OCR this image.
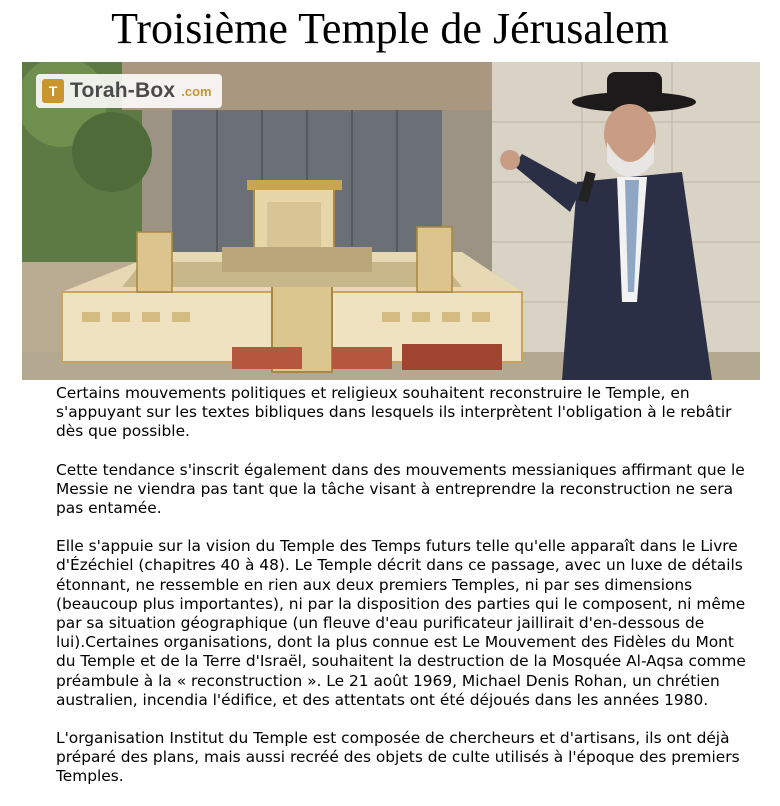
Troisième Temple de Jérusalem
T Torah-Box .com

Certains mouvements politiques et religieux souhaitent reconstruire le Temple, en s'appuyant sur les textes bibliques dans lesquels ils interprètent l'obligation à le rebâtir dès que possible.

Cette tendance s'inscrit également dans des mouvements messianiques affirmant que le Messie ne viendra pas tant que la tâche visant à entreprendre la reconstruction ne sera pas entamée.

Elle s'appuie sur la vision du Temple des Temps futurs telle qu'elle apparaît dans le Livre d'Ézéchiel (chapitres 40 à 48). Le Temple décrit dans ce passage, avec un luxe de détails étonnant, ne ressemble en rien aux deux premiers Temples, ni par ses dimensions (beaucoup plus importantes), ni par la disposition des parties qui le composent, ni même par sa situation géographique (un fleuve d'eau purificateur jaillirait d'en-dessous de lui).Certaines organisations, dont la plus connue est Le Mouvement des Fidèles du Mont du Temple et de la Terre d'Israël, souhaitent la destruction de la Mosquée Al-Aqsa comme préambule à la « reconstruction ». Le 21 août 1969, Michael Denis Rohan, un chrétien australien, incendia l'édifice, et des attentats ont été déjoués dans les années 1980.

L'organisation Institut du Temple est composée de chercheurs et d'artisans, ils ont déjà préparé des plans, mais aussi recréé des objets de culte utilisés à l'époque des premiers Temples.
